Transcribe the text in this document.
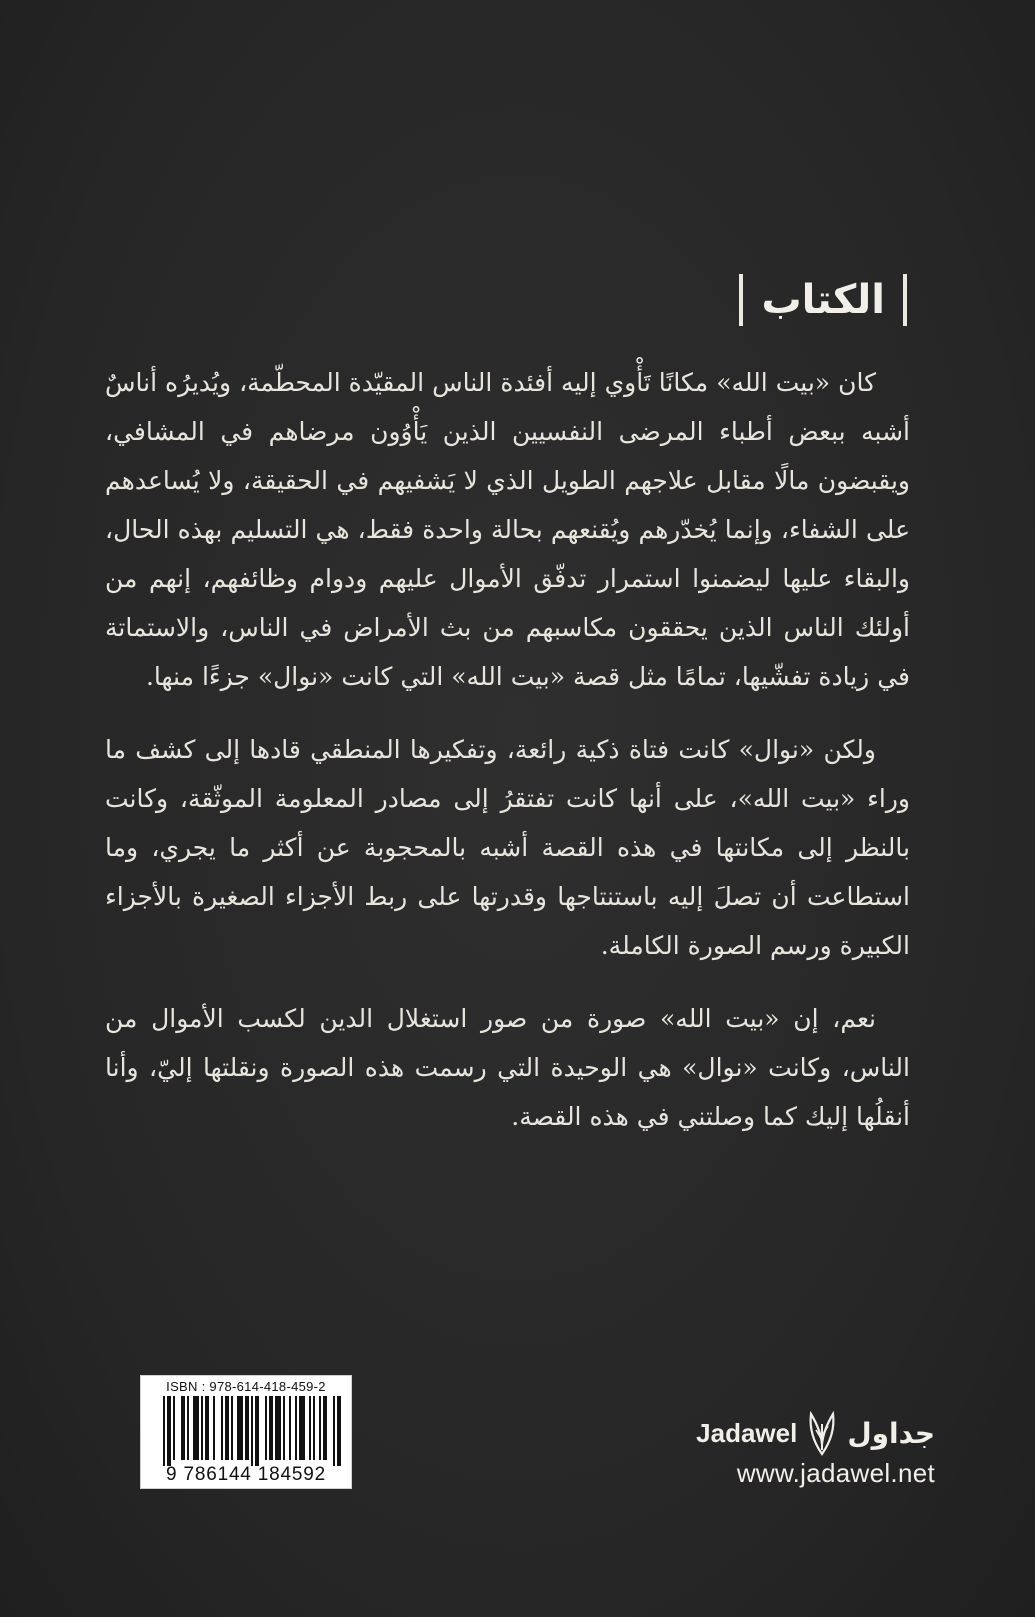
الكتاب

كان «بيت الله» مكانًا تَأْوي إليه أفئدة الناس المقيّدة المحطّمة، ويُديرُه أناسٌ أشبه ببعض أطباء المرضى النفسيين الذين يَأْوُون مرضاهم في المشافي، ويقبضون مالًا مقابل علاجهم الطويل الذي لا يَشفيهم في الحقيقة، ولا يُساعدهم على الشفاء، وإنما يُخدّرهم ويُقنعهم بحالة واحدة فقط، هي التسليم بهذه الحال، والبقاء عليها ليضمنوا استمرار تدفّق الأموال عليهم ودوام وظائفهم، إنهم من أولئك الناس الذين يحققون مكاسبهم من بث الأمراض في الناس، والاستماتة في زيادة تفشّيها، تمامًا مثل قصة «بيت الله» التي كانت «نوال» جزءًا منها.

ولكن «نوال» كانت فتاة ذكية رائعة، وتفكيرها المنطقي قادها إلى كشف ما وراء «بيت الله»، على أنها كانت تفتقرُ إلى مصادر المعلومة الموثّقة، وكانت بالنظر إلى مكانتها في هذه القصة أشبه بالمحجوبة عن أكثر ما يجري، وما استطاعت أن تصلَ إليه باستنتاجها وقدرتها على ربط الأجزاء الصغيرة بالأجزاء الكبيرة ورسم الصورة الكاملة.

نعم، إن «بيت الله» صورة من صور استغلال الدين لكسب الأموال من الناس، وكانت «نوال» هي الوحيدة التي رسمت هذه الصورة ونقلتها إليّ، وأنا أنقلُها إليك كما وصلتني في هذه القصة.

ISBN : 978-614-418-459-2
9 786144 184592
Jadawel جداول
www.jadawel.net
